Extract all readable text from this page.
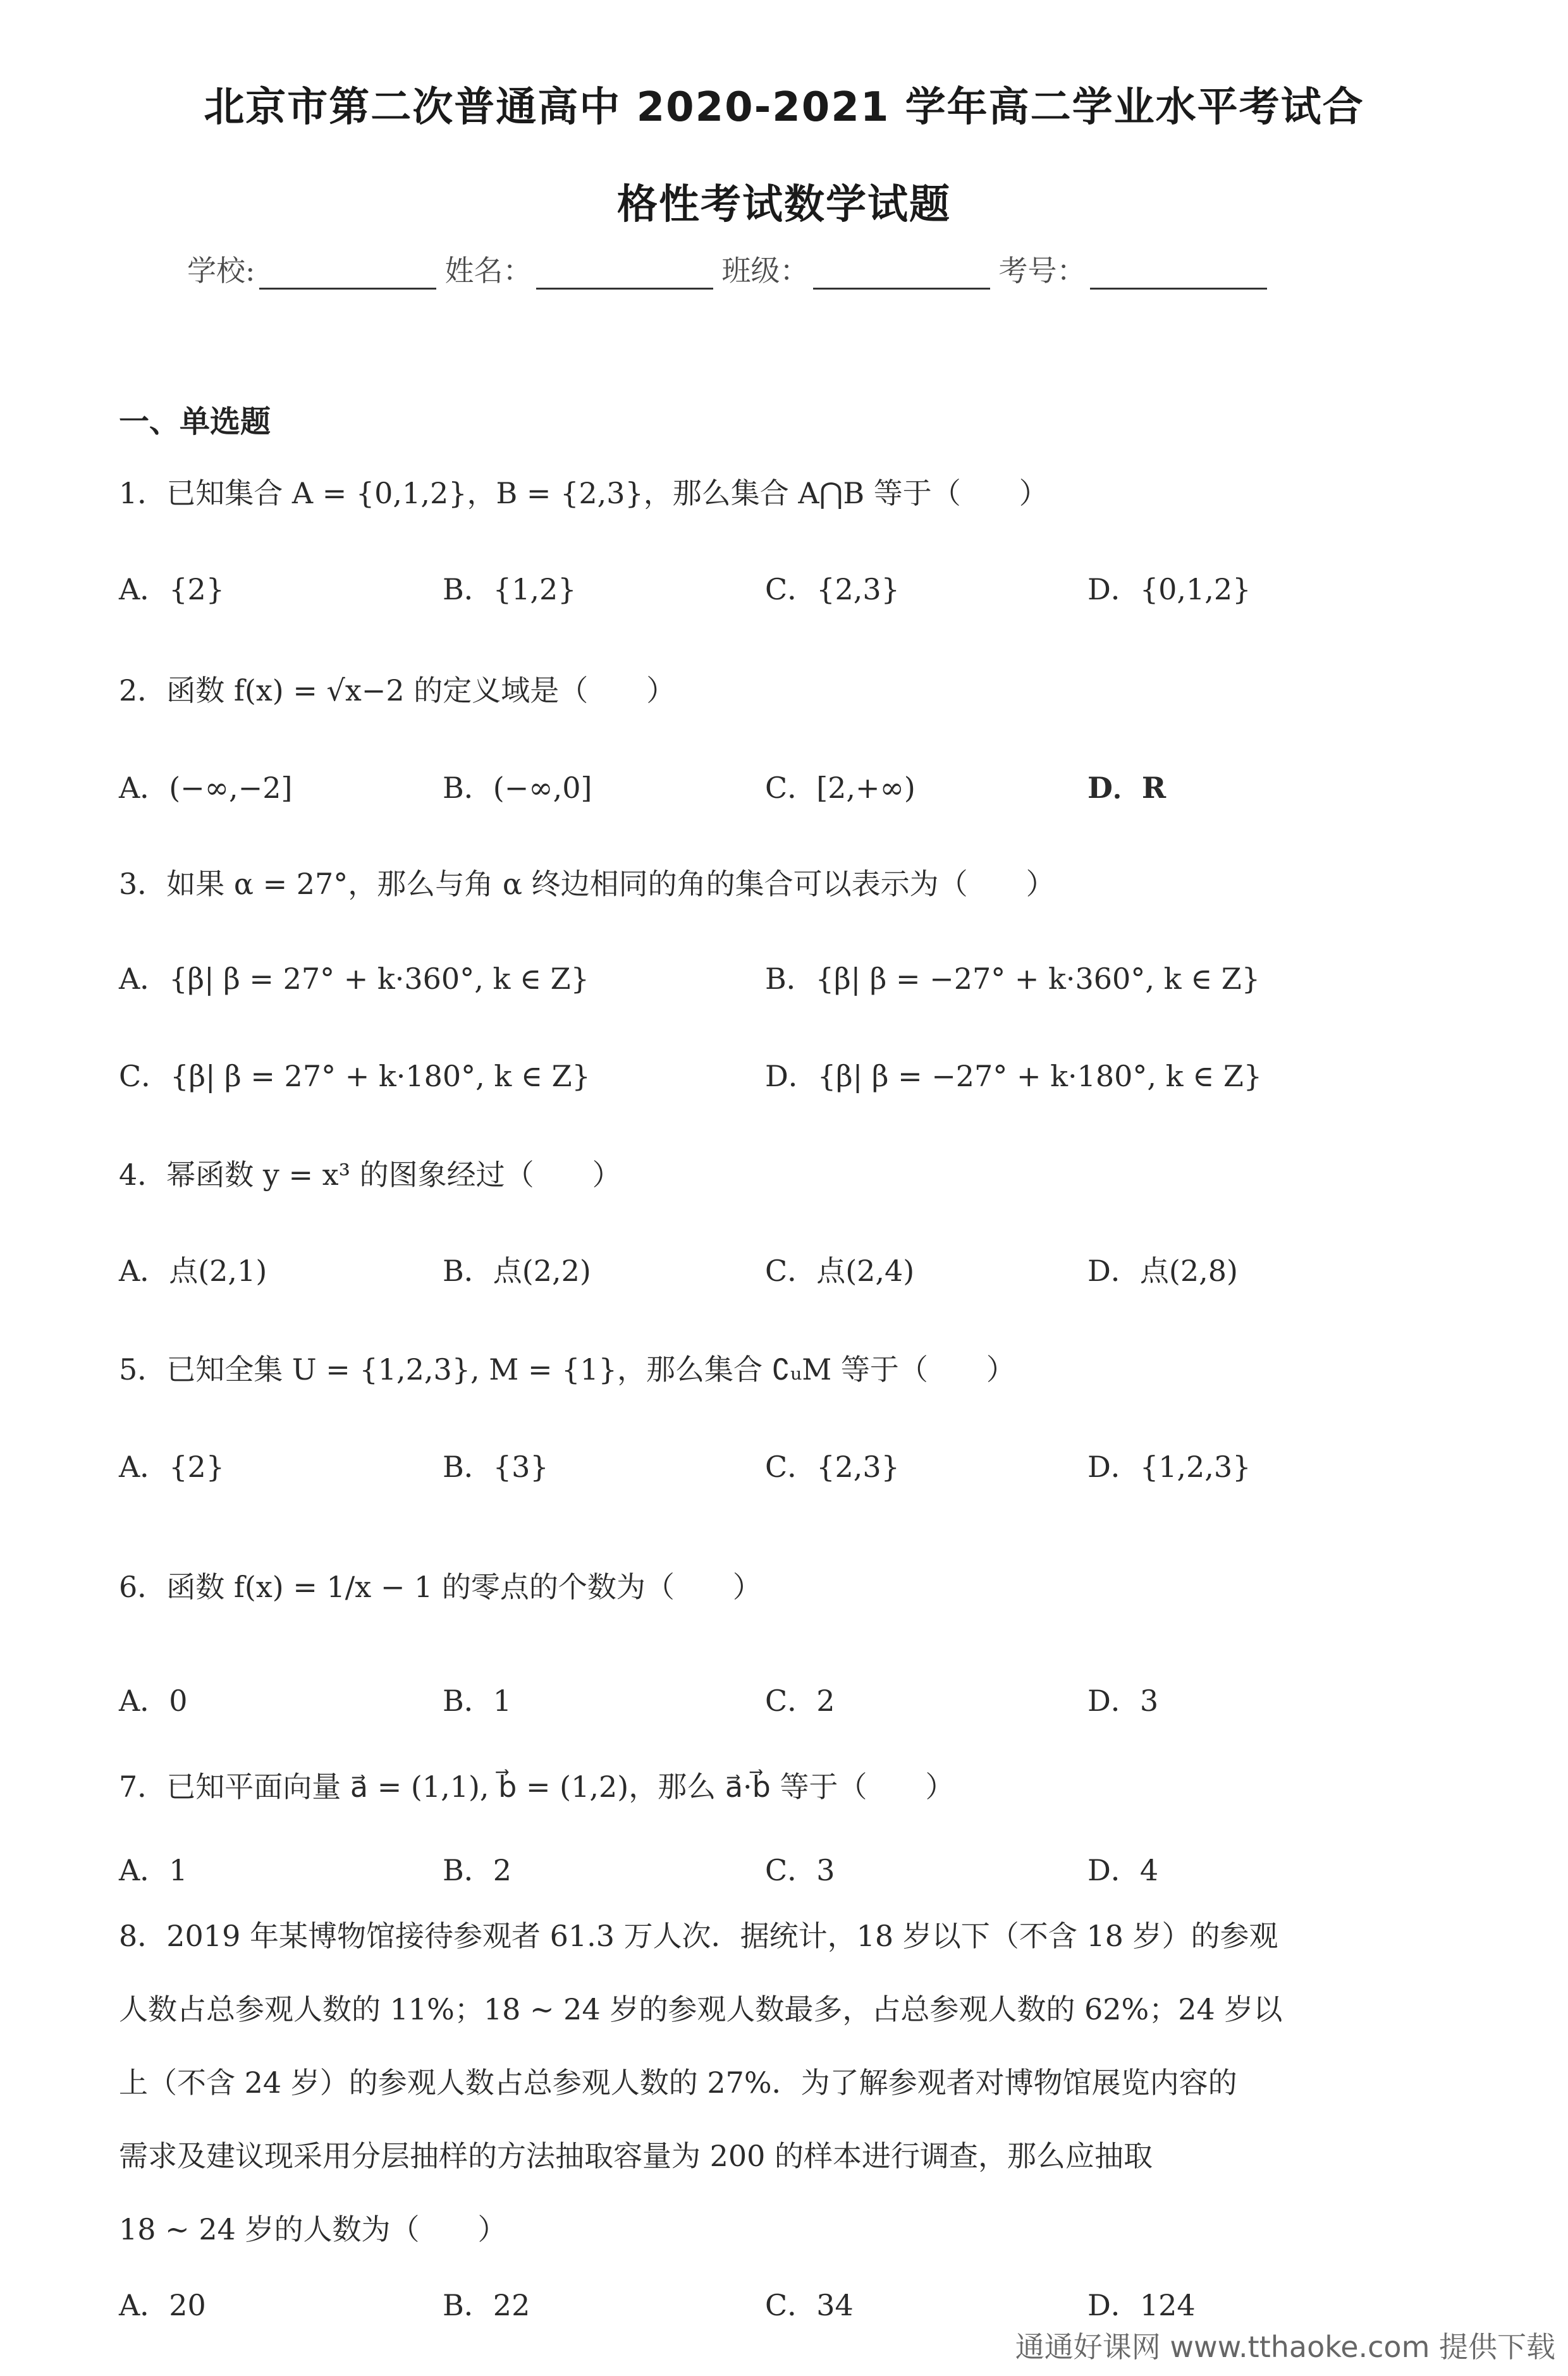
北京市第二次普通高中 2020-2021 学年高二学业水平考试合
格性考试数学试题
学校:	姓名：	班级：	考号：
一、单选题
1．已知集合 A = {0,1,2}，B = {2,3}，那么集合 A⋂B 等于（　　）
A．{2}	B．{1,2}	C．{2,3}	D．{0,1,2}
2．函数 f(x) = √x−2 的定义域是（　　）
A．(−∞,−2]	B．(−∞,0]	C．[2,+∞)	D．R
3．如果 α = 27°，那么与角 α 终边相同的角的集合可以表示为（　　）
A．{β| β = 27° + k·360°, k ∈ Z}	B．{β| β = −27° + k·360°, k ∈ Z}
C．{β| β = 27° + k·180°, k ∈ Z}	D．{β| β = −27° + k·180°, k ∈ Z}
4．幂函数 y = x³ 的图象经过（　　）
A．点(2,1)	B．点(2,2)	C．点(2,4)	D．点(2,8)
5．已知全集 U = {1,2,3}, M = {1}，那么集合 ∁ᵤM 等于（　　）
A．{2}	B．{3}	C．{2,3}	D．{1,2,3}
6．函数 f(x) = 1/x − 1 的零点的个数为（　　）
A．0	B．1	C．2	D．3
7．已知平面向量 a⃗ = (1,1), b⃗ = (1,2)，那么 a⃗·b⃗ 等于（　　）
A．1	B．2	C．3	D．4

8．2019 年某博物馆接待参观者 61.3 万人次．据统计，18 岁以下（不含 18 岁）的参观

人数占总参观人数的 11%；18 ~ 24 岁的参观人数最多，占总参观人数的 62%；24 岁以

上（不含 24 岁）的参观人数占总参观人数的 27%．为了解参观者对博物馆展览内容的

需求及建议现采用分层抽样的方法抽取容量为 200 的样本进行调查，那么应抽取

18 ~ 24 岁的人数为（　　）

A．20	B．22	C．34	D．124
通通好课网 www.tthaoke.com 提供下载
